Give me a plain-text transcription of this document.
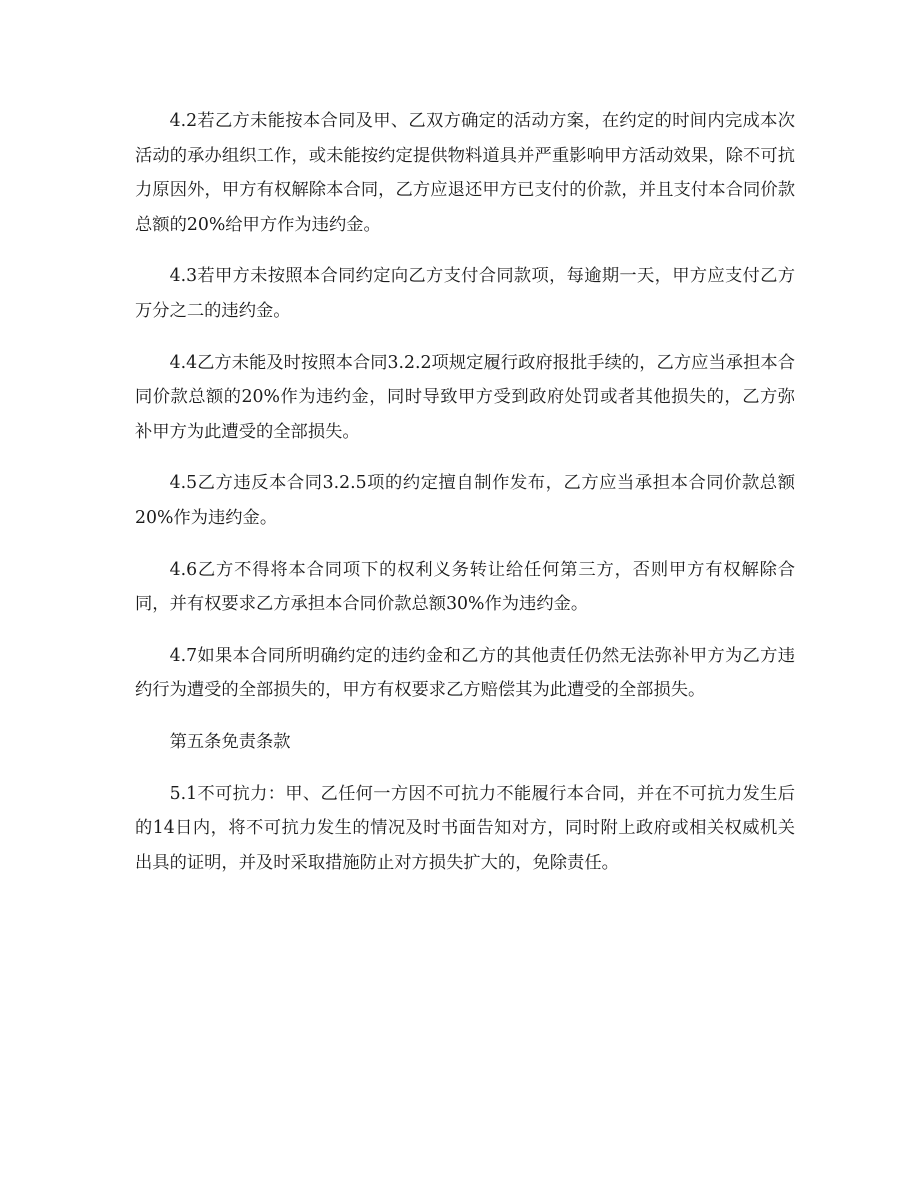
4.2若乙方未能按本合同及甲、乙双方确定的活动方案，在约定的时间内完成本次活动的承办组织工作，或未能按约定提供物料道具并严重影响甲方活动效果，除不可抗力原因外，甲方有权解除本合同，乙方应退还甲方已支付的价款，并且支付本合同价款总额的20%给甲方作为违约金。

4.3若甲方未按照本合同约定向乙方支付合同款项，每逾期一天，甲方应支付乙方万分之二的违约金。

4.4乙方未能及时按照本合同3.2.2项规定履行政府报批手续的，乙方应当承担本合同价款总额的20%作为违约金，同时导致甲方受到政府处罚或者其他损失的，乙方弥补甲方为此遭受的全部损失。

4.5乙方违反本合同3.2.5项的约定擅自制作发布，乙方应当承担本合同价款总额20%作为违约金。

4.6乙方不得将本合同项下的权利义务转让给任何第三方，否则甲方有权解除合同，并有权要求乙方承担本合同价款总额30%作为违约金。

4.7如果本合同所明确约定的违约金和乙方的其他责任仍然无法弥补甲方为乙方违约行为遭受的全部损失的，甲方有权要求乙方赔偿其为此遭受的全部损失。

第五条免责条款

5.1不可抗力：甲、乙任何一方因不可抗力不能履行本合同，并在不可抗力发生后的14日内，将不可抗力发生的情况及时书面告知对方，同时附上政府或相关权威机关出具的证明，并及时采取措施防止对方损失扩大的，免除责任。
